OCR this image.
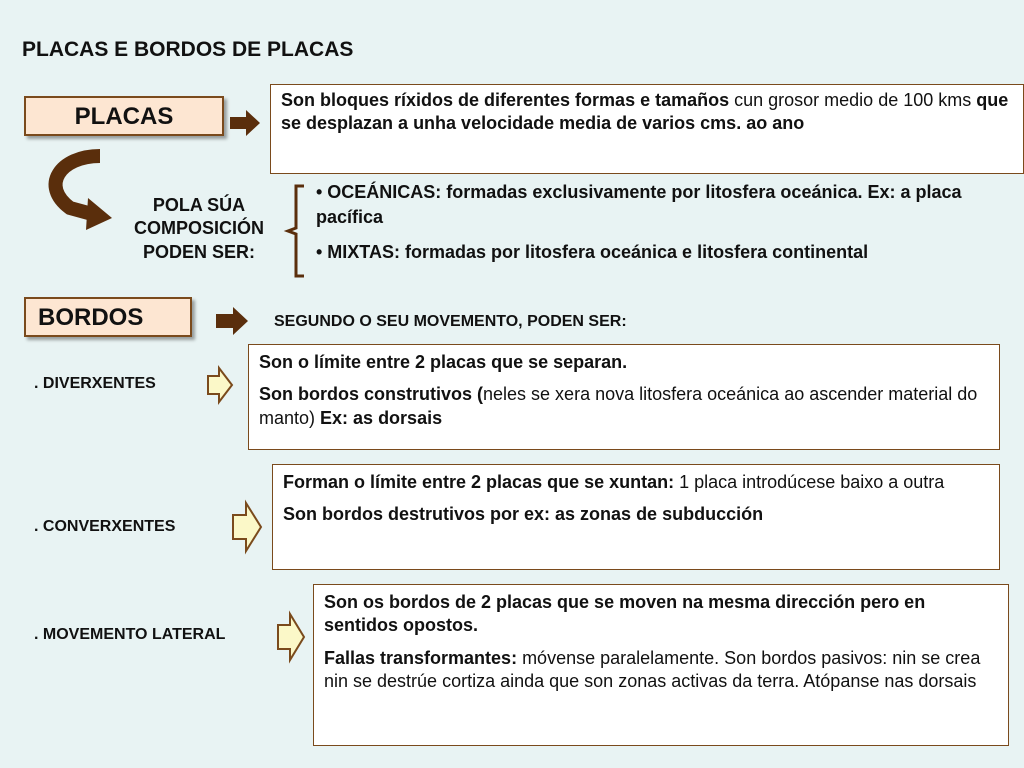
PLACAS E BORDOS DE PLACAS
PLACAS

Son bloques ríxidos de diferentes formas e tamaños cun grosor medio de 100 kms que se desplazan a unha velocidade media de varios cms. ao ano

POLA SÚA COMPOSICIÓN PODEN SER:

• OCEÁNICAS: formadas exclusivamente por litosfera oceánica. Ex: a placa pacífica

• MIXTAS: formadas por litosfera oceánica e litosfera continental

BORDOS	SEGUNDO O SEU MOVEMENTO, PODEN SER:
. DIVERXENTES

Son o límite entre 2 placas que se separan.

Son bordos construtivos (neles se xera nova litosfera oceánica ao ascender material do manto) Ex: as dorsais

. CONVERXENTES

Forman o límite entre 2 placas que se xuntan: 1 placa introdúcese baixo a outra

Son bordos destrutivos por ex: as zonas de subducción

. MOVEMENTO LATERAL

Son os bordos de 2 placas que se moven na mesma dirección pero en sentidos opostos.

Fallas transformantes: móvense paralelamente. Son bordos pasivos: nin se crea nin se destrúe cortiza ainda que son zonas activas da terra. Atópanse nas dorsais
